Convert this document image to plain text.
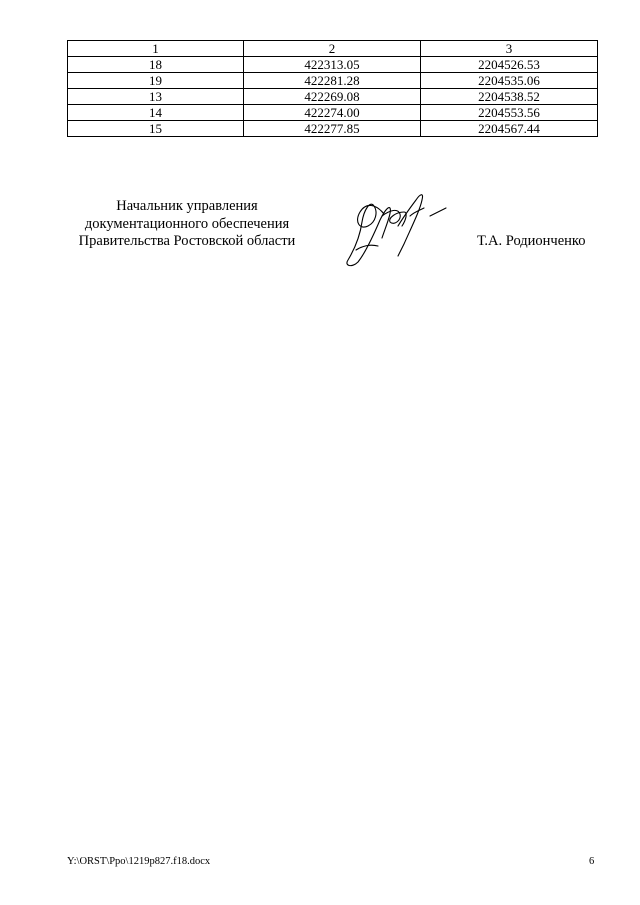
1	2	3
18	422313.05	2204526.53
19	422281.28	2204535.06
13	422269.08	2204538.52
14	422274.00	2204553.56
15	422277.85	2204567.44
Начальник управления
документационного обеспечения
Правительства Ростовской области	Т.А. Родионченко
Y:\ORST\Ppo\1219p827.f18.docx	6
